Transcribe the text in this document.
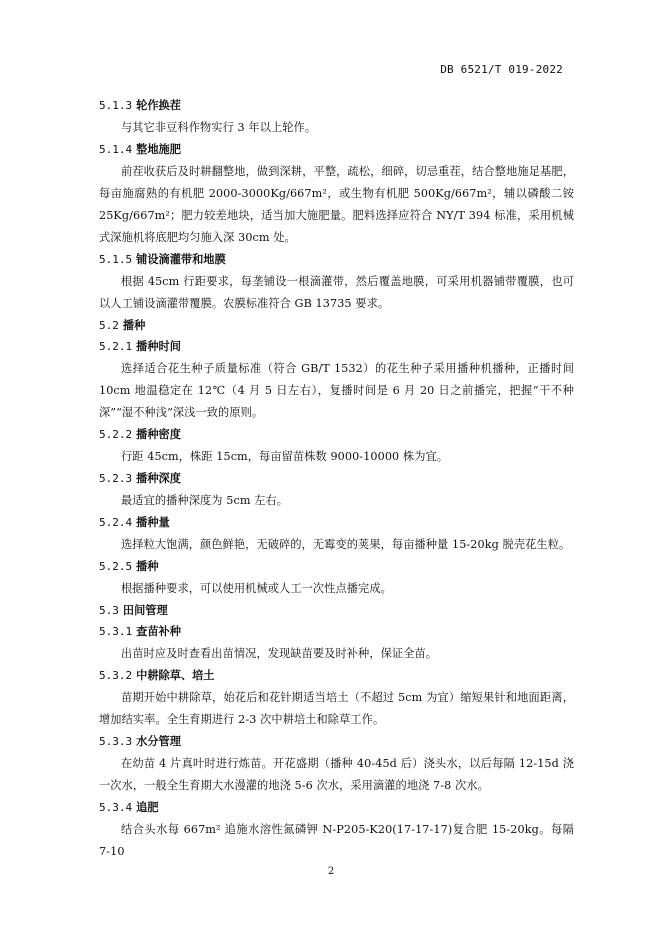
DB 6521/T 019-2022
5.1.3 轮作换茬
与其它非豆科作物实行 3 年以上轮作。
5.1.4 整地施肥
前茬收获后及时耕翻整地，做到深耕，平整，疏松，细碎，切忌重茬，结合整地施足基肥，每亩施腐熟的有机肥 2000-3000Kg/667m²，或生物有机肥 500Kg/667m²，辅以磷酸二铵 25Kg/667m²；肥力较差地块，适当加大施肥量。肥料选择应符合 NY/T 394 标准，采用机械式深施机将底肥均匀施入深 30cm 处。
5.1.5 铺设滴灌带和地膜
根据 45cm 行距要求，每垄铺设一根滴灌带，然后覆盖地膜，可采用机器铺带覆膜，也可以人工铺设滴灌带覆膜。农膜标准符合 GB 13735 要求。
5.2 播种
5.2.1 播种时间
选择适合花生种子质量标准（符合 GB/T 1532）的花生种子采用播种机播种，正播时间 10cm 地温稳定在 12℃（4 月 5 日左右），复播时间是 6 月 20 日之前播完，把握“干不种深”“湿不种浅”深浅一致的原则。
5.2.2 播种密度
行距 45cm，株距 15cm，每亩留苗株数 9000-10000 株为宜。
5.2.3 播种深度
最适宜的播种深度为 5cm 左右。
5.2.4 播种量
选择粒大饱满，颜色鲜艳，无破碎的，无霉变的荚果，每亩播种量 15-20kg 脱壳花生粒。
5.2.5 播种
根据播种要求，可以使用机械或人工一次性点播完成。
5.3 田间管理
5.3.1 查苗补种
出苗时应及时查看出苗情况，发现缺苗要及时补种，保证全苗。
5.3.2 中耕除草、培土
苗期开始中耕除草，始花后和花针期适当培土（不超过 5cm 为宜）缩短果针和地面距离，增加结实率。全生育期进行 2-3 次中耕培土和除草工作。
5.3.3 水分管理
在幼苗 4 片真叶时进行炼苗。开花盛期（播种 40-45d 后）浇头水，以后每隔 12-15d 浇一次水，一般全生育期大水漫灌的地浇 5-6 次水，采用滴灌的地浇 7-8 次水。
5.3.4 追肥
结合头水每 667m² 追施水溶性氮磷钾 N-P205-K20(17-17-17)复合肥 15-20kg。每隔 7-10
2
